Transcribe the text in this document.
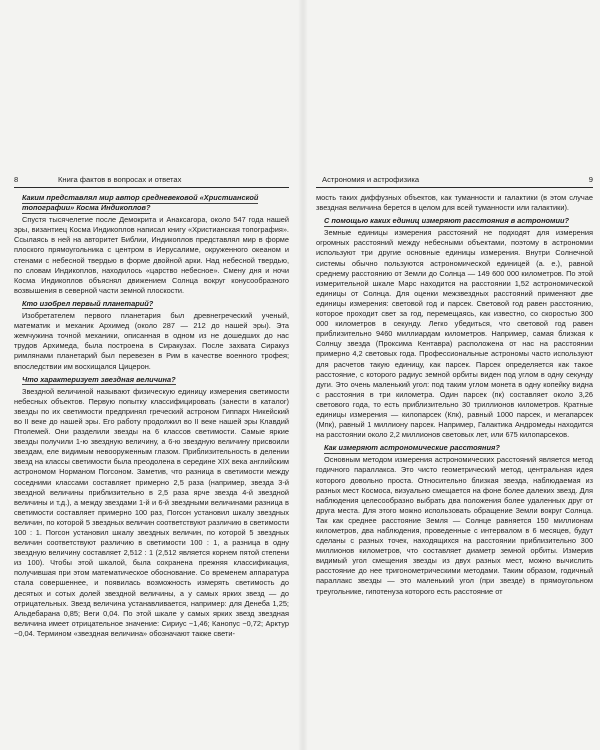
8	Книга фактов в вопросах и ответах
Каким представлял мир автор средневековой «Христианской топографии» Косма Индикоплов?

Спустя тысячелетие после Демокрита и Анаксагора, около 547 года нашей эры, византиец Косма Индикоплов написал книгу «Христианская топография». Ссылаясь в ней на авторитет Библии, Индикоплов представлял мир в форме плоского прямоугольника с центром в Иерусалиме, окруженного океаном и стенами с небесной твердью в форме двойной арки. Над небесной твердью, по словам Индикоплов, находилось «царство небесное». Смену дня и ночи Косма Индикоплов объяснял движением Солнца вокруг конусообразного возвышения в северной части земной плоскости.

Кто изобрел первый планетарий?

Изобретателем первого планетария был древнегреческий ученый, математик и механик Архимед (около 287 — 212 до нашей эры). Эта жемчужина точной механики, описанная в одном из не дошедших до нас трудов Архимеда, была построена в Сиракузах. После захвата Сиракуз римлянами планетарий был перевезен в Рим в качестве военного трофея; впоследствии им восхищался Цицерон.

Что характеризует звездная величина?

Звездной величиной называют физическую единицу измерения светимости небесных объектов. Первую попытку классифицировать (занести в каталог) звезды по их светимости предпринял греческий астроном Гиппарх Никейский во II веке до нашей эры. Его работу продолжил во II веке нашей эры Клавдий Птолемей. Они разделили звезды на 6 классов светимости. Самые яркие звезды получили 1-ю звездную величину, а 6-ю звездную величину присвоили звездам, еле видимым невооруженным глазом. Приблизительность в делении звезд на классы светимости была преодолена в середине XIX века английским астрономом Норманом Погсоном. Заметив, что разница в светимости между соседними классами составляет примерно 2,5 раза (например, звезда 3-й звездной величины приблизительно в 2,5 раза ярче звезда 4-й звездной величины и т.д.), а между звездами 1-й и 6-й звездными величинами разница в светимости составляет примерно 100 раз, Погсон установил шкалу звездных величин, по которой 5 звездных величин соответствуют различию в светимости 100 : 1. Погсон установил шкалу звездных величин, по которой 5 звездных величин соответствуют различию в светимости 100 : 1, а разница в одну звездную величину составляет 2,512 : 1 (2,512 является корнем пятой степени из 100). Чтобы этой шкалой, была сохранена прежняя классификация, получившая при этом математическое обоснование. Со временем аппаратура стала совершеннее, и появилась возможность измерять светимость до десятых и сотых долей звездной величины, а у самых ярких звезд — до отрицательных. Звезд величина устанавливается, например: для Денеба 1,25; Альдебарана 0,85; Веги 0,04. По этой шкале у самых ярких звезд звездная величина имеет отрицательное значение: Сириус −1,46; Канопус −0,72; Арктур −0,04. Термином «звездная величина» обозначают также свети-

Астрономия и астрофизика	9

мость таких диффузных объектов, как туманности и галактики (в этом случае звездная величина берется в целом для всей туманности или галактики).

С помощью каких единиц измеряют расстояния в астрономии?

Земные единицы измерения расстояний не подходят для измерения огромных расстояний между небесными объектами, поэтому в астрономии используют три другие основные единицы измерения. Внутри Солнечной системы обычно пользуются астрономической единицей (а. е.), равной среднему расстоянию от Земли до Солнца — 149 600 000 километров. По этой измерительной шкале Марс находится на расстоянии 1,52 астрономической единицы от Солнца. Для оценки межзвездных расстояний применяют две единицы измерения: световой год и парсек. Световой год равен расстоянию, которое проходит свет за год, перемещаясь, как известно, со скоростью 300 000 километров в секунду. Легко убедиться, что световой год равен приблизительно 9460 миллиардам километров. Например, самая близкая к Солнцу звезда (Проксима Кентавра) расположена от нас на расстоянии примерно 4,2 световых года. Профессиональные астрономы часто используют для расчетов такую единицу, как парсек. Парсек определяется как такое расстояние, с которого радиус земной орбиты виден под углом в одну секунду дуги. Это очень маленький угол: под таким углом монета в одну копейку видна с расстояния в три километра. Один парсек (пк) составляет около 3,26 светового года, то есть приблизительно 30 триллионов километров. Кратные единицы измерения — килопарсек (Кпк), равный 1000 парсек, и мегапарсек (Мпк), равный 1 миллиону парсек. Например, Галактика Андромеды находится на расстоянии около 2,2 миллионов световых лет, или 675 килопарсеков.

Как измеряют астрономические расстояния?

Основным методом измерения астрономических расстояний является метод годичного параллакса. Это чисто геометрический метод, центральная идея которого довольно проста. Относительно близкая звезда, наблюдаемая из разных мест Космоса, визуально смещается на фоне более далеких звезд. Для наблюдения целесообразно выбрать два положения более удаленных друг от друга места. Для этого можно использовать обращение Земли вокруг Солнца. Так как среднее расстояние Земля — Солнце равняется 150 миллионам километров, два наблюдения, проведенные с интервалом в 6 месяцев, будут сделаны с разных точек, находящихся на расстоянии приблизительно 300 миллионов километров, что составляет диаметр земной орбиты. Измерив видимый угол смещения звезды из двух разных мест, можно вычислить расстояние до нее тригонометрическими методами. Таким образом, годичный параллакс звезды — это маленький угол (при звезде) в прямоугольном треугольнике, гипотенуза которого есть расстояние от
